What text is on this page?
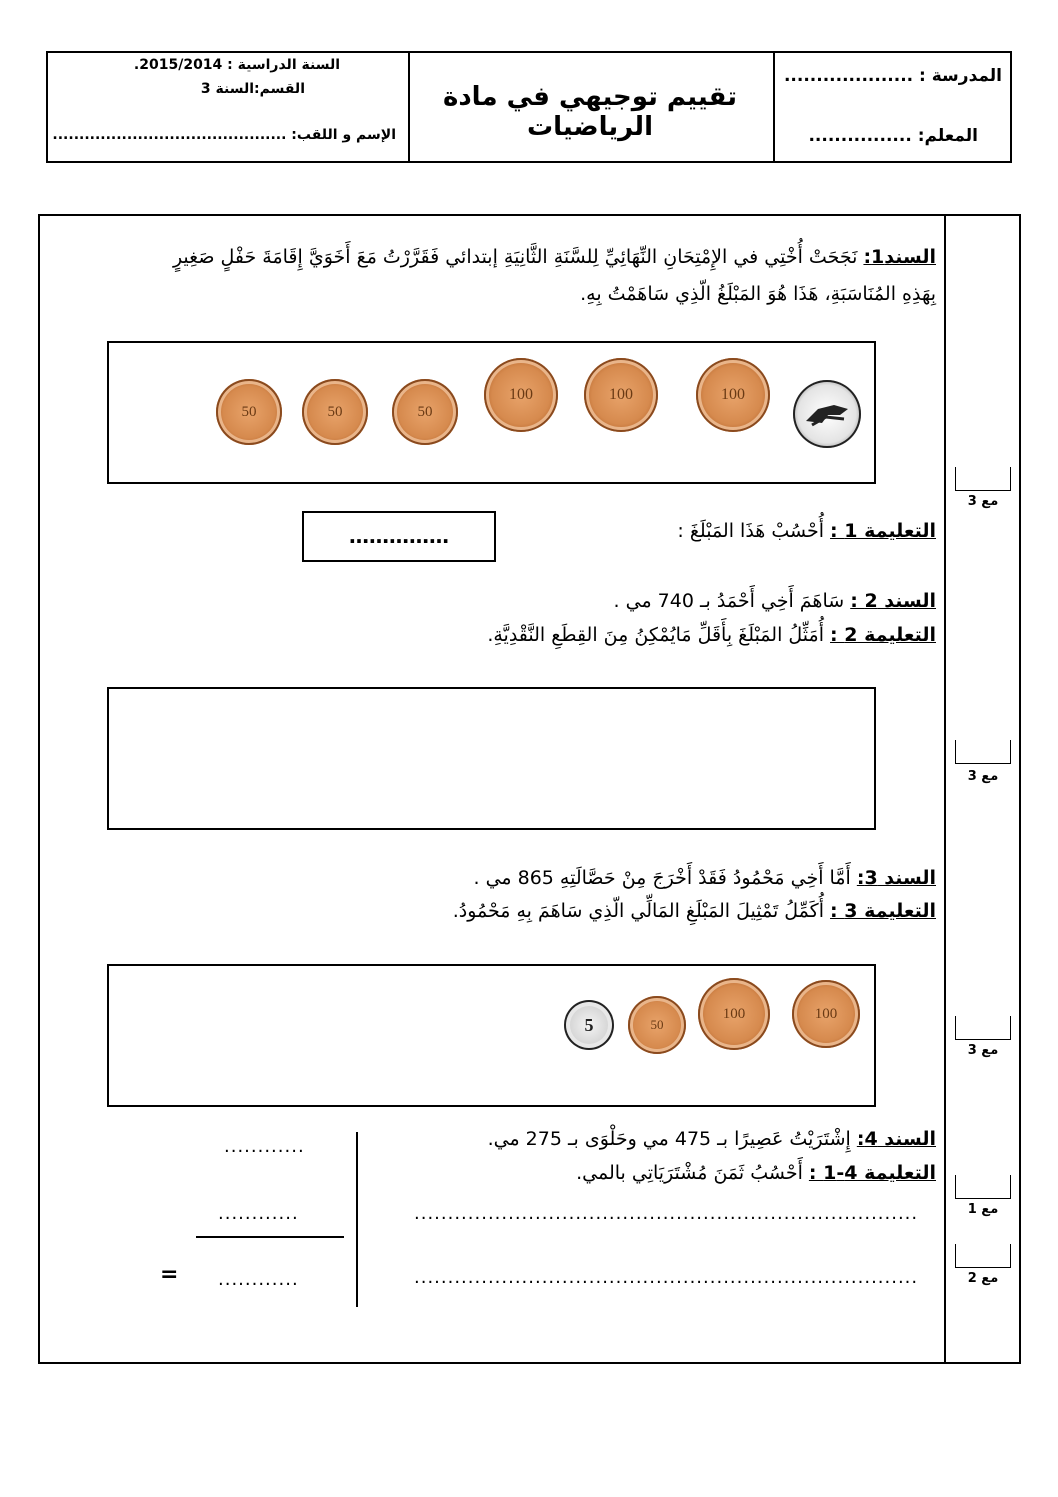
المدرسة : ....................
المعلم: ................
تقييم توجيهي في مادة الرياضيات
السنة الدراسية : 2015/2014.
القسم:السنة 3
الإسم و اللقب: ............................................
السند1: نَجَحَتْ أُخْتِي في الإِمْتِحَانِ النِّهَائِيِّ لِلسَّنَةِ الثَّانِيَةِ إبتدائي فَقَرَّرْتُ مَعَ أَخَوَيَّ إِقَامَةَ حَفْلٍ صَغِيرٍ
بِهَذِهِ المُنَاسَبَةِ، هَذَا هُوَ المَبْلَغُ الّذِي سَاهَمْتُ بِهِ.
50	50	50
100	100	100
التعليمة 1 : أُحْسُبْ هَذَا المَبْلَغَ :
……………
السند 2 : سَاهَمَ أَخِي أَحْمَدُ بـ 740 مي .
التعليمة 2 : أُمَثِّلُ المَبْلَغَ بِأَقَلِّ مَايُمْكِنُ مِنَ القِطَعِ النَّقْدِيَّةِ.
السند 3: أَمَّا أَخِي مَحْمُودُ فَقَدْ أَخْرَجَ مِنْ حَصَّالَتِهِ 865 مي .
التعليمة 3 : أُكَمِّلُ تَمْثِيلَ المَبْلَغِ المَالِّي الّذِي سَاهَمَ بِهِ مَحْمُودُ.
5	50
100	100
السند 4: إِشْتَرَيْتُ عَصِيرًا بـ 475 مي وحَلْوَى بـ 275 مي.
التعليمة 4-1 : أَحْسُبُ ثَمَنَ مُشْتَرَيَاتِي بالمي.
...........................................................................
...........................................................................
............
............
............
=
مع 3
مع 3
مع 3
مع 1
مع 2
